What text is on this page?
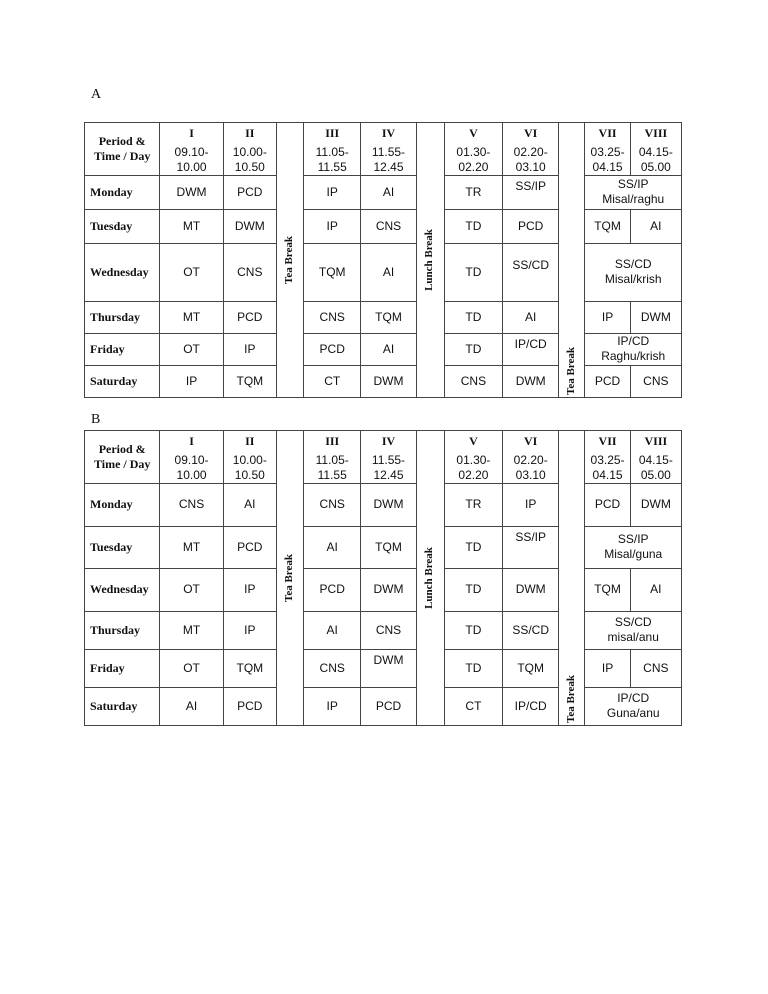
A
Period & Time / Day	I	II	Tea Break	III	IV	Lunch Break	V	VI	Tea Break	VII	VIII
	09.10-10.00	10.00-10.50		11.05-11.55	11.55-12.45		01.30-02.20	02.20-03.10		03.25-04.15	04.15-05.00
Monday	DWM	PCD		IP	AI		TR	SS/IP		SS/IP
Misal/raghu	
Tuesday	MT	DWM		IP	CNS		TD	PCD		TQM	AI
Wednesday	OT	CNS		TQM	AI		TD	SS/CD		SS/CD
Misal/krish	
Thursday	MT	PCD		CNS	TQM		TD	AI		IP	DWM
Friday	OT	IP		PCD	AI		TD	IP/CD		IP/CD
Raghu/krish	
Saturday	IP	TQM		CT	DWM		CNS	DWM		PCD	CNS
B
Period & Time / Day	I	II	Tea Break	III	IV	Lunch Break	V	VI	Tea Break	VII	VIII
	09.10-10.00	10.00-10.50		11.05-11.55	11.55-12.45		01.30-02.20	02.20-03.10		03.25-04.15	04.15-05.00
Monday	CNS	AI		CNS	DWM		TR	IP		PCD	DWM
Tuesday	MT	PCD		AI	TQM		TD	SS/IP		SS/IP
Misal/guna	
Wednesday	OT	IP		PCD	DWM		TD	DWM		TQM	AI
Thursday	MT	IP		AI	CNS		TD	SS/CD		SS/CD
misal/anu	
Friday	OT	TQM		CNS	DWM		TD	TQM		IP	CNS
Saturday	AI	PCD		IP	PCD		CT	IP/CD		IP/CD
Guna/anu	
